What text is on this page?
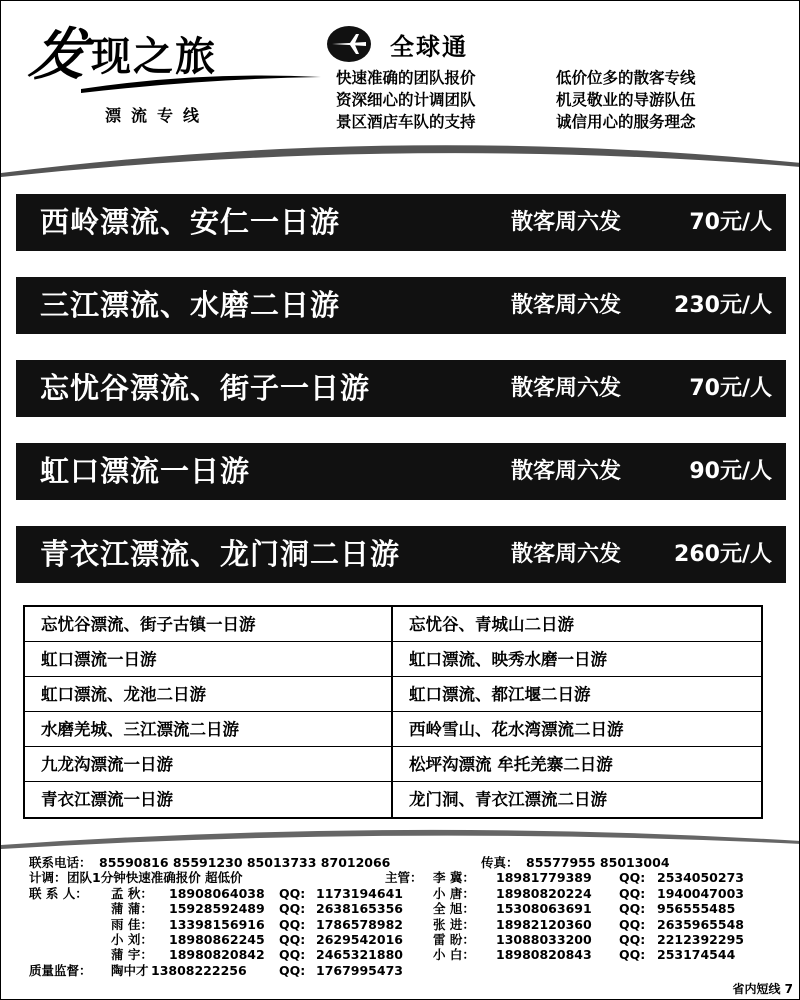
发 现之旅
漂流专线
全球通
快速准确的团队报价	低价位多的散客专线
资深细心的计调团队	机灵敬业的导游队伍
景区酒店车队的支持	诚信用心的服务理念
西岭漂流、安仁一日游	散客周六发	70元/人
三江漂流、水磨二日游	散客周六发 230元/人
忘忧谷漂流、街子一日游	散客周六发	70元/人
虹口漂流一日游	散客周六发	90元/人
青衣江漂流、龙门洞二日游	散客周六发 260元/人
忘忧谷漂流、街子古镇一日游	忘忧谷、青城山二日游
虹口漂流一日游	虹口漂流、映秀水磨一日游
虹口漂流、龙池二日游	虹口漂流、都江堰二日游
水磨羌城、三江漂流二日游	西岭雪山、花水湾漂流二日游
九龙沟漂流一日游	松坪沟漂流 牟托羌寨二日游
青衣江漂流一日游	龙门洞、青衣江漂流二日游
联系电话： 85590816 85591230 85013733 87012066	传真： 85577955 85013004
计调： 团队1分钟快速准确报价 超低价	主管： 李 冀： 18981779389 QQ: 2534050273
联 系 人： 孟 秋： 18908064038 QQ: 1173194641 小 唐： 18980820224 QQ: 1940047003
蒲 蒲： 15928592489 QQ: 2638165356 全 旭： 15308063691 QQ: 956555485
雨 佳： 13398156916 QQ: 1786578982 张 进： 18982120360 QQ: 2635965548
小 刘： 18980862245 QQ: 2629542016 雷 盼： 13088033200 QQ: 2212392295
蒲 宇： 18980820842 QQ: 2465321880 小 白： 18980820843 QQ: 253174544
质量监督： 陶中才 13808222256	QQ: 1767995473
省内短线 7
